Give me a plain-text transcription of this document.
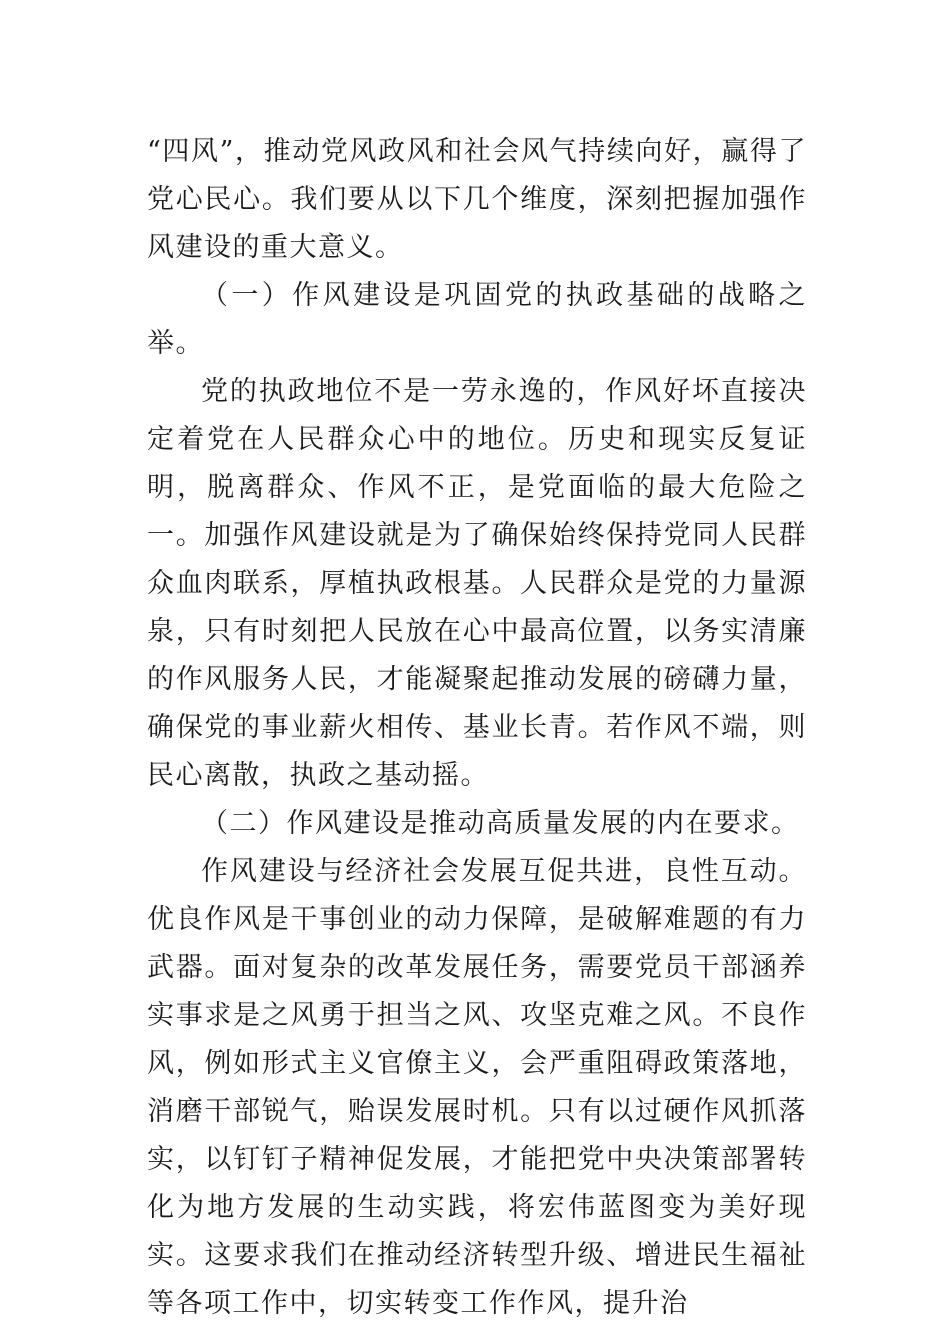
“四风”，推动党风政风和社会风气持续向好，赢得了党心民心。我们要从以下几个维度，深刻把握加强作风建设的重大意义。

（一）作风建设是巩固党的执政基础的战略之举。

党的执政地位不是一劳永逸的，作风好坏直接决定着党在人民群众心中的地位。历史和现实反复证明，脱离群众、作风不正，是党面临的最大危险之一。加强作风建设就是为了确保始终保持党同人民群众血肉联系，厚植执政根基。人民群众是党的力量源泉，只有时刻把人民放在心中最高位置，以务实清廉的作风服务人民，才能凝聚起推动发展的磅礴力量，确保党的事业薪火相传、基业长青。若作风不端，则民心离散，执政之基动摇。

（二）作风建设是推动高质量发展的内在要求。

作风建设与经济社会发展互促共进，良性互动。优良作风是干事创业的动力保障，是破解难题的有力武器。面对复杂的改革发展任务，需要党员干部涵养实事求是之风勇于担当之风、攻坚克难之风。不良作风，例如形式主义官僚主义，会严重阻碍政策落地，消磨干部锐气，贻误发展时机。只有以过硬作风抓落实，以钉钉子精神促发展，才能把党中央决策部署转化为地方发展的生动实践，将宏伟蓝图变为美好现实。这要求我们在推动经济转型升级、增进民生福祉等各项工作中，切实转变工作作风，提升治
